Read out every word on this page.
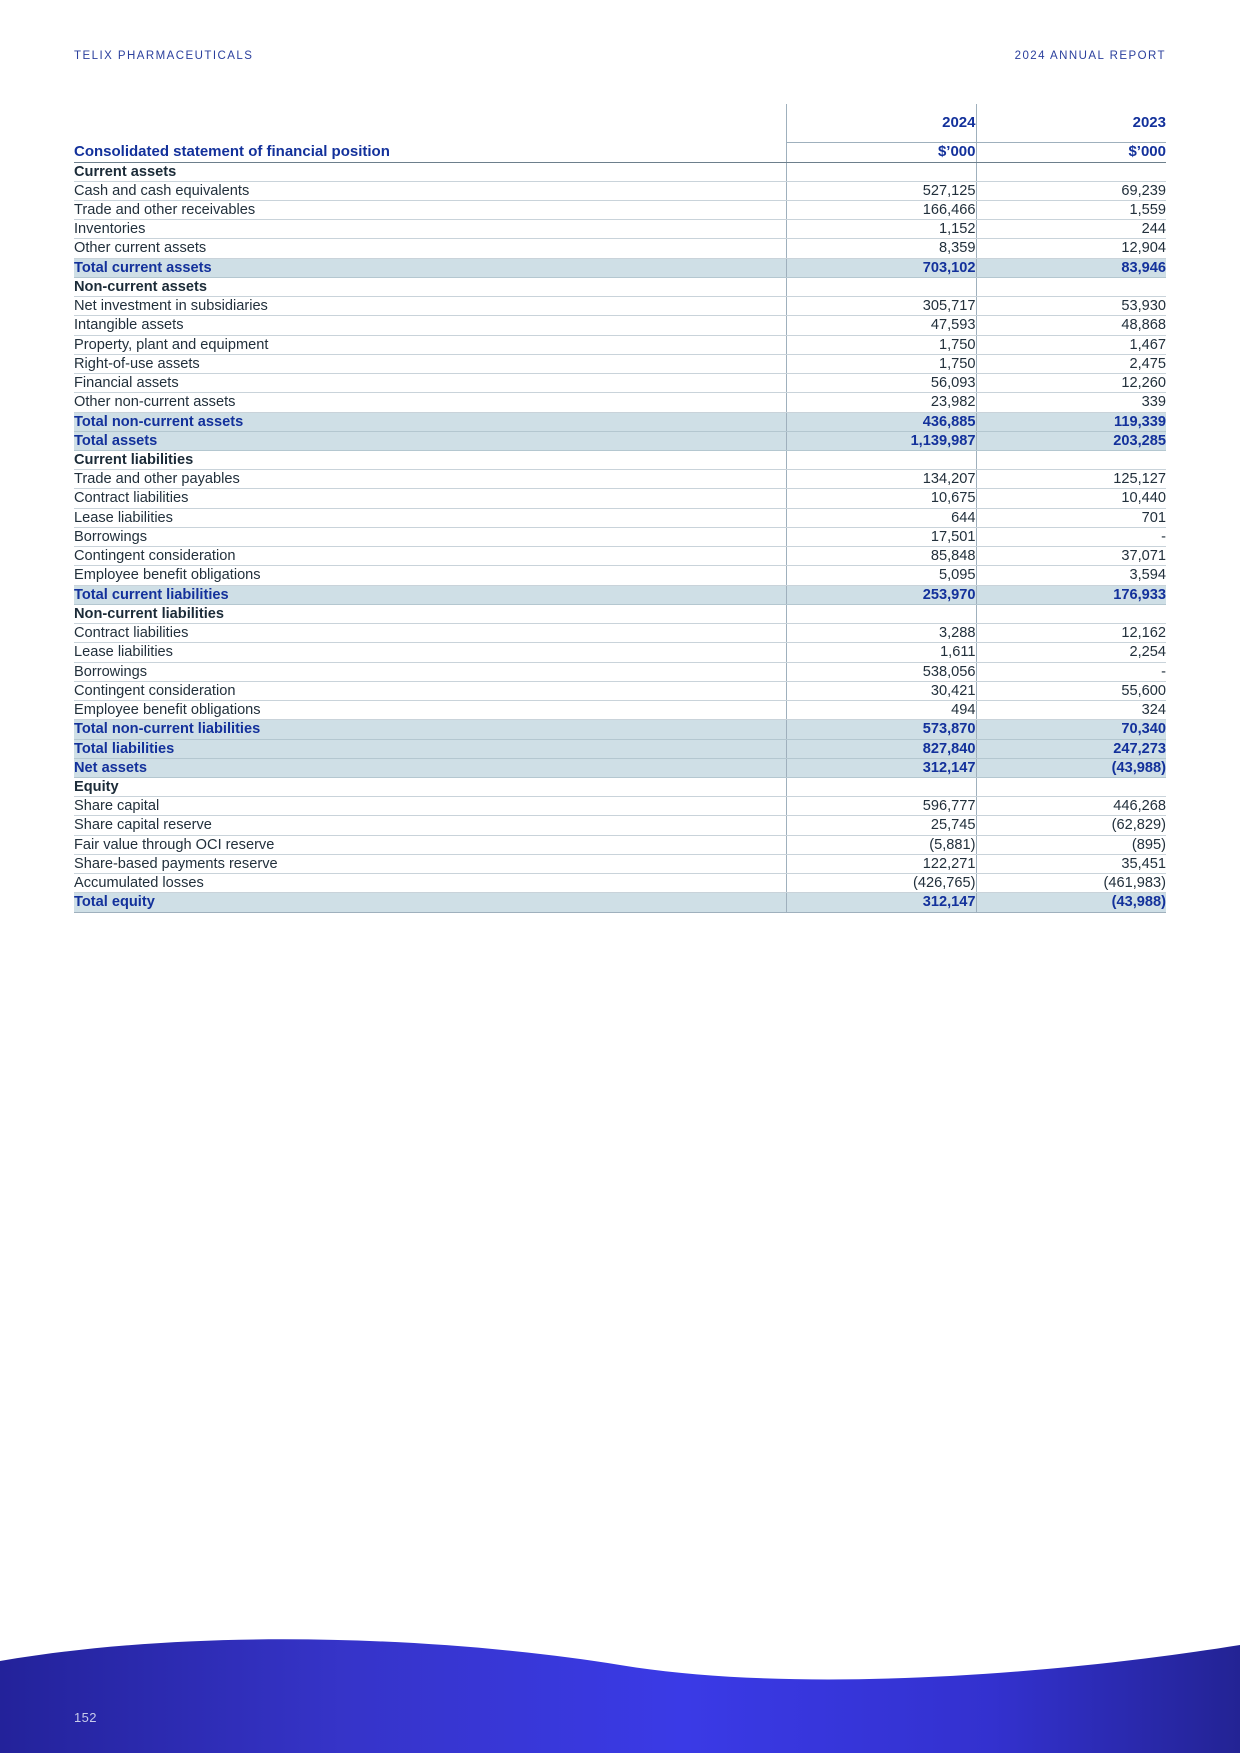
TELIX PHARMACEUTICALS	2024 ANNUAL REPORT
	2024	2023
Consolidated statement of financial position	$’000	$’000
Current assets		
Cash and cash equivalents	527,125	69,239
Trade and other receivables	166,466	1,559
Inventories	1,152	244
Other current assets	8,359	12,904
Total current assets	703,102	83,946
Non-current assets		
Net investment in subsidiaries	305,717	53,930
Intangible assets	47,593	48,868
Property, plant and equipment	1,750	1,467
Right-of-use assets	1,750	2,475
Financial assets	56,093	12,260
Other non-current assets	23,982	339
Total non-current assets	436,885	119,339
Total assets	1,139,987	203,285
Current liabilities		
Trade and other payables	134,207	125,127
Contract liabilities	10,675	10,440
Lease liabilities	644	701
Borrowings	17,501	-
Contingent consideration	85,848	37,071
Employee benefit obligations	5,095	3,594
Total current liabilities	253,970	176,933
Non-current liabilities		
Contract liabilities	3,288	12,162
Lease liabilities	1,611	2,254
Borrowings	538,056	-
Contingent consideration	30,421	55,600
Employee benefit obligations	494	324
Total non-current liabilities	573,870	70,340
Total liabilities	827,840	247,273
Net assets	312,147	(43,988)
Equity		
Share capital	596,777	446,268
Share capital reserve	25,745	(62,829)
Fair value through OCI reserve	(5,881)	(895)
Share-based payments reserve	122,271	35,451
Accumulated losses	(426,765)	(461,983)
Total equity	312,147	(43,988)
152
